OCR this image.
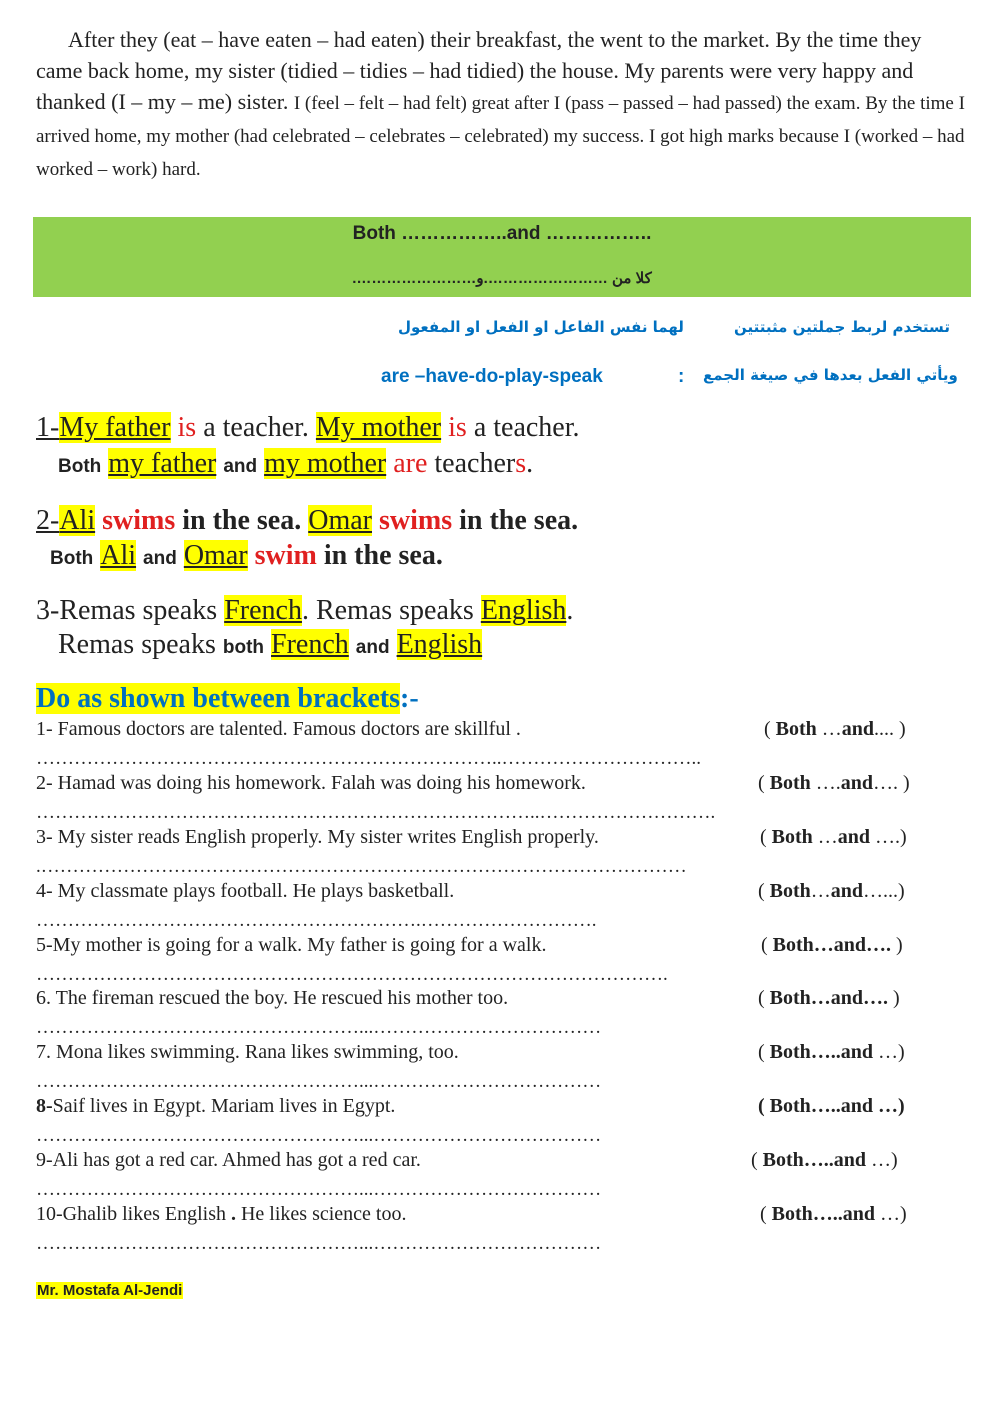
After they (eat – have eaten – had eaten) their breakfast, the went to the market. By the time they came back home, my sister (tidied – tidies – had tidied) the house. My parents were very happy and thanked (I – my – me) sister. I (feel – felt – had felt) great after I (pass – passed – had passed) the exam. By the time I arrived home, my mother (had celebrated – celebrates – celebrated) my success. I got high marks because I (worked – had worked – work) hard.
Both ……………..and ……………..
كلا من …………………….و…………………….
لهما نفس الفاعل او الفعل او المفعول	تستخدم لربط جملتين مثبتتين
are –have-do-play-speak	: ويأتي الفعل بعدها في صيغة الجمع
1-My father is a teacher. My mother is a teacher.
Both my father and my mother are teachers.
2-Ali swims in the sea. Omar swims in the sea.
Both Ali and Omar swim in the sea.
3-Remas speaks French. Remas speaks English.
Remas speaks both French and English
Do as shown between brackets:-
1- Famous doctors are talented. Famous doctors are skillful .	( Both …and.... )
………………………………………………………………..…………………………..
2- Hamad was doing his homework. Falah was doing his homework.	( Both ….and…. )
……………………………………………………………………..……………………….
3- My sister reads English properly. My sister writes English properly.	( Both …and ….)
.…………………………………………………………………………………………
4- My classmate plays football. He plays basketball.	( Both…and…...)
…………………………………………………….……………………….
5-My mother is going for a walk. My father is going for a walk.	( Both…and…. )
……………………………………………………………………………………….
6. The fireman rescued the boy. He rescued his mother too.	( Both…and…. )
……………………………………………...………………………………
7. Mona likes swimming. Rana likes swimming, too.	( Both…..and …)
……………………………………………...………………………………
8-Saif lives in Egypt. Mariam lives in Egypt.	( Both…..and …)
……………………………………………...………………………………
9-Ali has got a red car. Ahmed has got a red car.	( Both…..and …)
……………………………………………...………………………………
10-Ghalib likes English . He likes science too.	( Both…..and …)
……………………………………………...………………………………
Mr. Mostafa Al-Jendi
